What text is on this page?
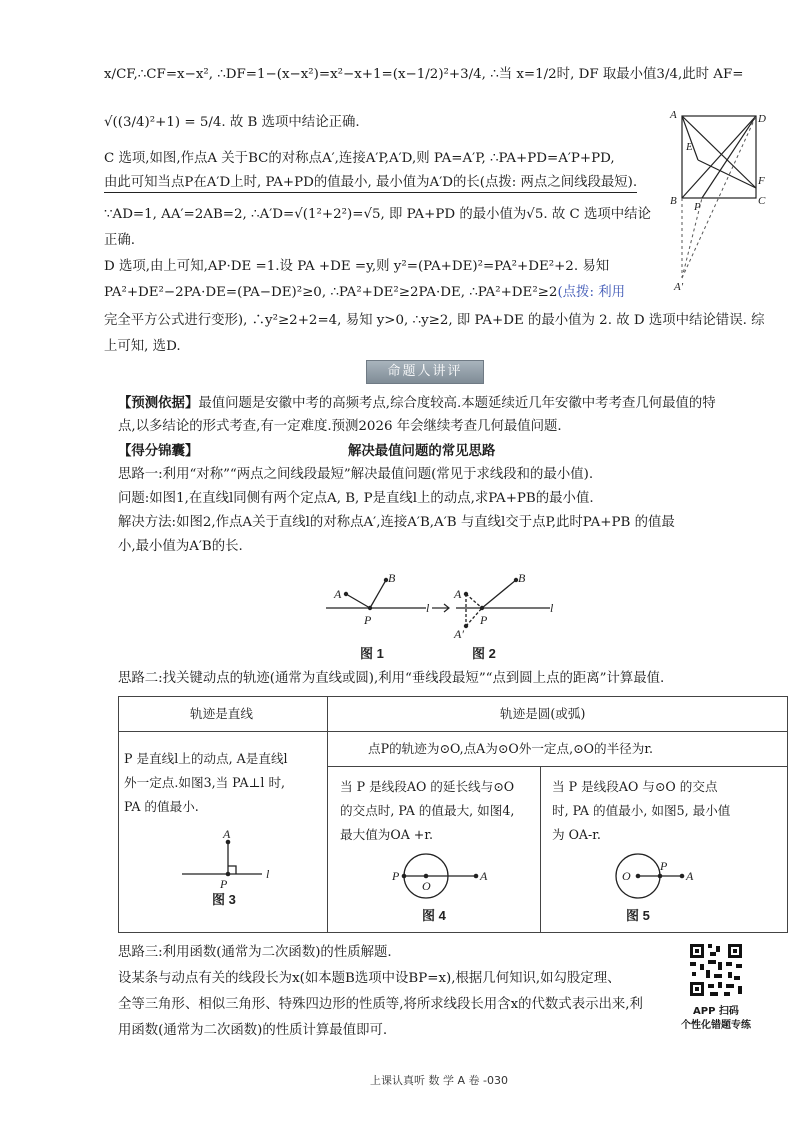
x/CF,∴CF=x−x², ∴DF=1−(x−x²)=x²−x+1=(x−1/2)²+3/4, ∴当 x=1/2时, DF 取最小值3/4,此时 AF=
√((3/4)²+1) = 5/4. 故 B 选项中结论正确.
C 选项,如图,作点A 关于BC的对称点A′,连接A′P,A′D,则 PA=A′P, ∴PA+PD=A′P+PD,
由此可知当点P在A′D上时, PA+PD的值最小, 最小值为A′D的长(点拨: 两点之间线段最短).
∵AD=1, AA′=2AB=2, ∴A′D=√(1²+2²)=√5, 即 PA+PD 的最小值为√5. 故 C 选项中结论
正确.
D 选项,由上可知,AP·DE =1.设 PA +DE =y,则 y²=(PA+DE)²=PA²+DE²+2. 易知
PA²+DE²−2PA·DE=(PA−DE)²≥0, ∴PA²+DE²≥2PA·DE, ∴PA²+DE²≥2(点拨: 利用
完全平方公式进行变形), ∴y²≥2+2=4, 易知 y>0, ∴y≥2, 即 PA+DE 的最小值为 2. 故 D 选项中结论错误. 综
上可知, 选D.
A	D
B	C
E
F
P
A′
命题人讲评
【预测依据】最值问题是安徽中考的高频考点,综合度较高.本题延续近几年安徽中考考查几何最值的特
点,以多结论的形式考查,有一定难度.预测2026 年会继续考查几何最值问题.
【得分锦囊】	解决最值问题的常见思路
思路一:利用“对称”“两点之间线段最短”解决最值问题(常见于求线段和的最小值).
问题:如图1,在直线l同侧有两个定点A, B, P是直线l上的动点,求PA+PB的最小值.
解决方法:如图2,作点A关于直线l的对称点A′,连接A′B,A′B 与直线l交于点P,此时PA+PB 的值最
小,最小值为A′B的长.
A
B
P
l
A
B
P
A′
l
图 1	图 2
思路二:找关键动点的轨迹(通常为直线或圆),利用“垂线段最短”“点到圆上点的距离”计算最值.
轨迹是直线	轨迹是圆(或弧)
P 是直线l上的动点, A是直线l
外一定点.如图3,当 PA⊥l 时,
PA 的值最小.
点P的轨迹为⊙O,点A为⊙O外一定点,⊙O的半径为r.
当 P 是线段AO 的延长线与⊙O
的交点时, PA 的值最大, 如图4,
最大值为OA +r.
当 P 是线段AO 与⊙O 的交点
时, PA 的值最小, 如图5, 最小值
为 OA-r.
A
P
l
图 3
P
O
A
图 4
O
P
A
图 5
思路三:利用函数(通常为二次函数)的性质解题.
设某条与动点有关的线段长为x(如本题B选项中设BP=x),根据几何知识,如勾股定理、
全等三角形、相似三角形、特殊四边形的性质等,将所求线段长用含x的代数式表示出来,利
用函数(通常为二次函数)的性质计算最值即可.
APP 扫码
个性化错题专练
上课认真听 数 学 A 卷 -030
